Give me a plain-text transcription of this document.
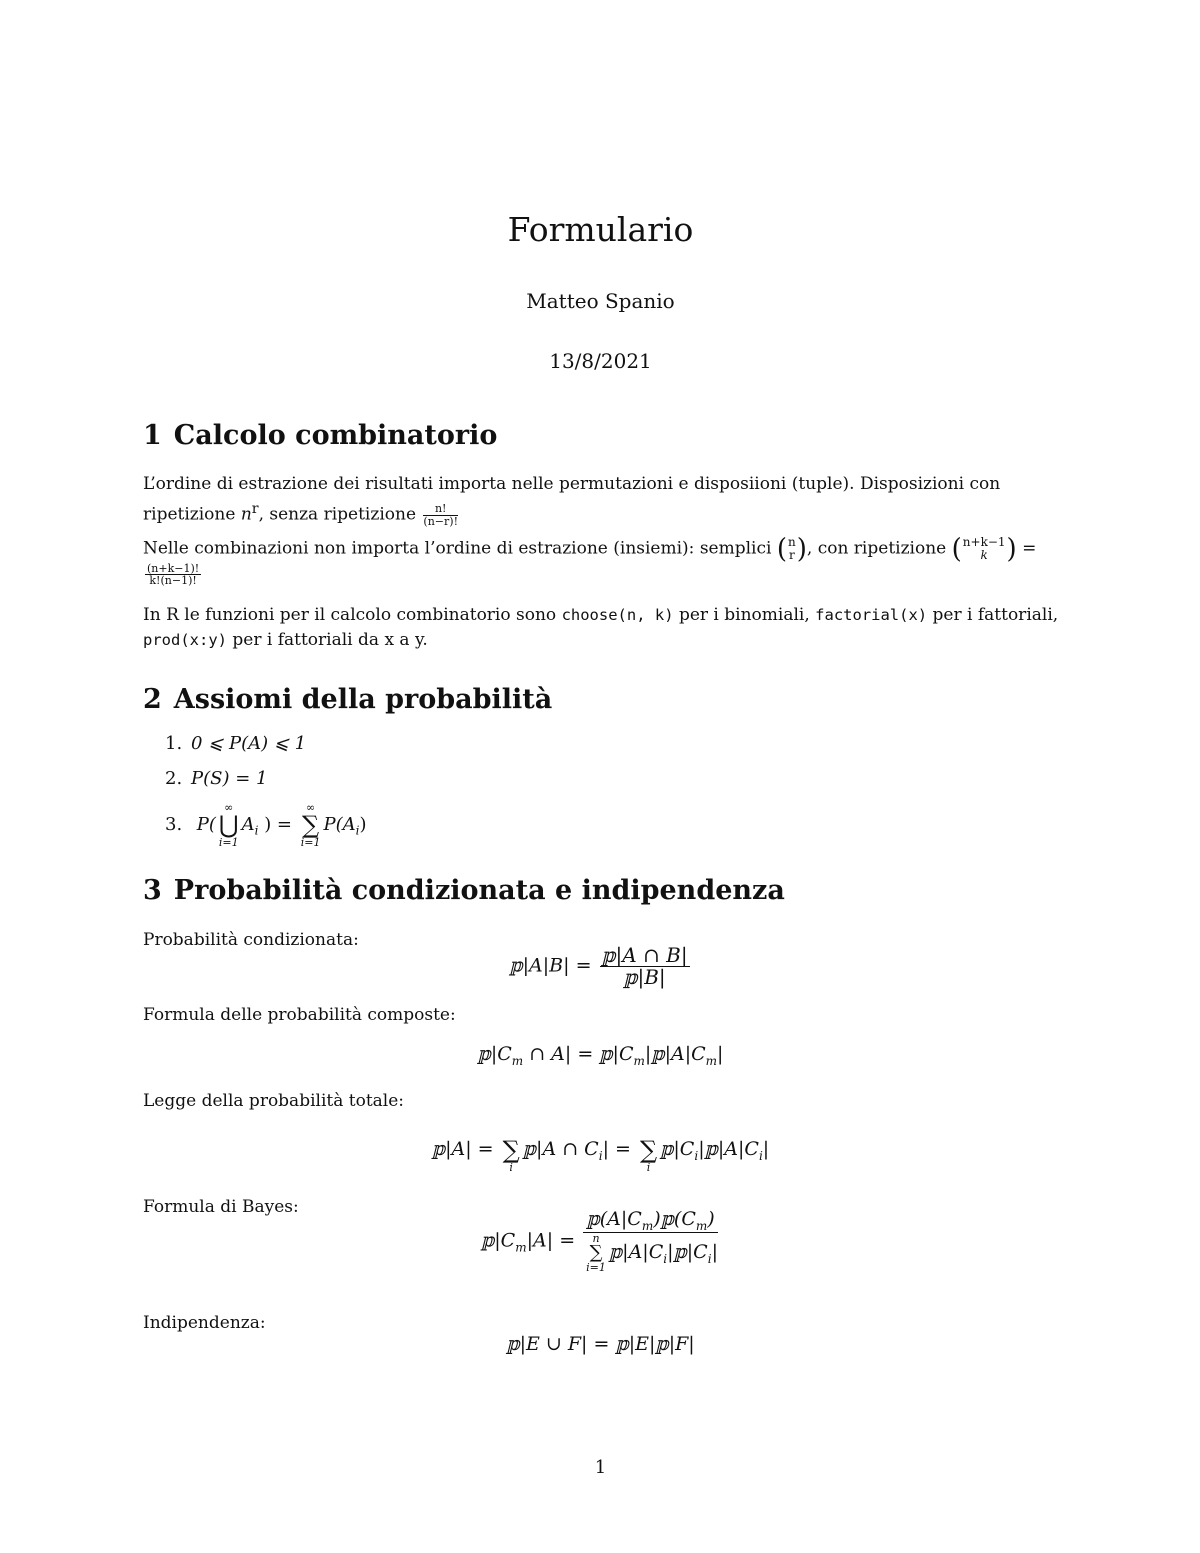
Formulario
Matteo Spanio
13/8/2021
1 Calcolo combinatorio

L’ordine di estrazione dei risultati importa nelle permutazioni e disposiioni (tuple). Disposizioni con ripetizione $n^r$, senza ripetizione $\frac{n!}{(n-r)!}$

Nelle combinazioni non importa l’ordine di estrazione (insiemi): semplici ( n
r ) , con ripetizione ( n+k−1
k ) =
$\frac{(n+k-1)!}{k!(n-1)!}$

In R le funzioni per il calcolo combinatorio sono choose(n, k) per i binomiali, factorial(x) per i fattoriali, prod(x:y) per i fattoriali da x a y.

2 Assiomi della probabilità
1. 0 ⩽ P(A) ⩽ 1
2. P(S) = 1
3. P(
∞
⋃
i=1
$A_i$ ) =
∞
∑
i=1
$P(A_i)$
3 Probabilità condizionata e indipendenza

Probabilità condizionata:

𝕡|A|B| = $\frac{\text{𝕡|A ∩ B|}}{\text{𝕡|B|}}$

Formula delle probabilità composte:

$𝕡|C_m$ ∩ $A| = 𝕡|C_m|𝕡|A|C_m|$

Legge della probabilità totale:

𝕡|A| =
∑
i
𝕡|A ∩ $C_i|$ =
∑
i
$𝕡|C_i|𝕡|A|C_i|$

Formula di Bayes:

$𝕡|C_m|A|$ = $𝕡(A|C_m)𝕡(C_m)$
n
∑
i=1
$𝕡|A|C_i|𝕡|C_i|$

Indipendenza:

𝕡|E ∪ F| = 𝕡|E|𝕡|F|
1
